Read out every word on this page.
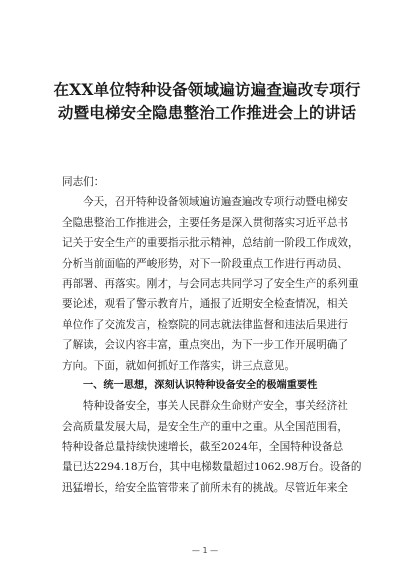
在XX单位特种设备领域遍访遍查遍改专项行动暨电梯安全隐患整治工作推进会上的讲话
同志们：
今天，召开特种设备领域遍访遍查遍改专项行动暨电梯安
全隐患整治工作推进会，主要任务是深入贯彻落实习近平总书
记关于安全生产的重要指示批示精神，总结前一阶段工作成效，
分析当前面临的严峻形势，对下一阶段重点工作进行再动员、
再部署、再落实。刚才，与会同志共同学习了安全生产的系列重
要论述，观看了警示教育片，通报了近期安全检查情况，相关
单位作了交流发言，检察院的同志就法律监督和违法后果进行
了解读，会议内容丰富，重点突出，为下一步工作开展明确了
方向。下面，就如何抓好工作落实，讲三点意见。
一、统一思想，深刻认识特种设备安全的极端重要性
特种设备安全，事关人民群众生命财产安全，事关经济社
会高质量发展大局，是安全生产的重中之重。从全国范围看，
特种设备总量持续快速增长，截至2024年，全国特种设备总
量已达2294.18万台，其中电梯数量超过1062.98万台。设备的
迅猛增长，给安全监管带来了前所未有的挑战。尽管近年来全
— 1 —
